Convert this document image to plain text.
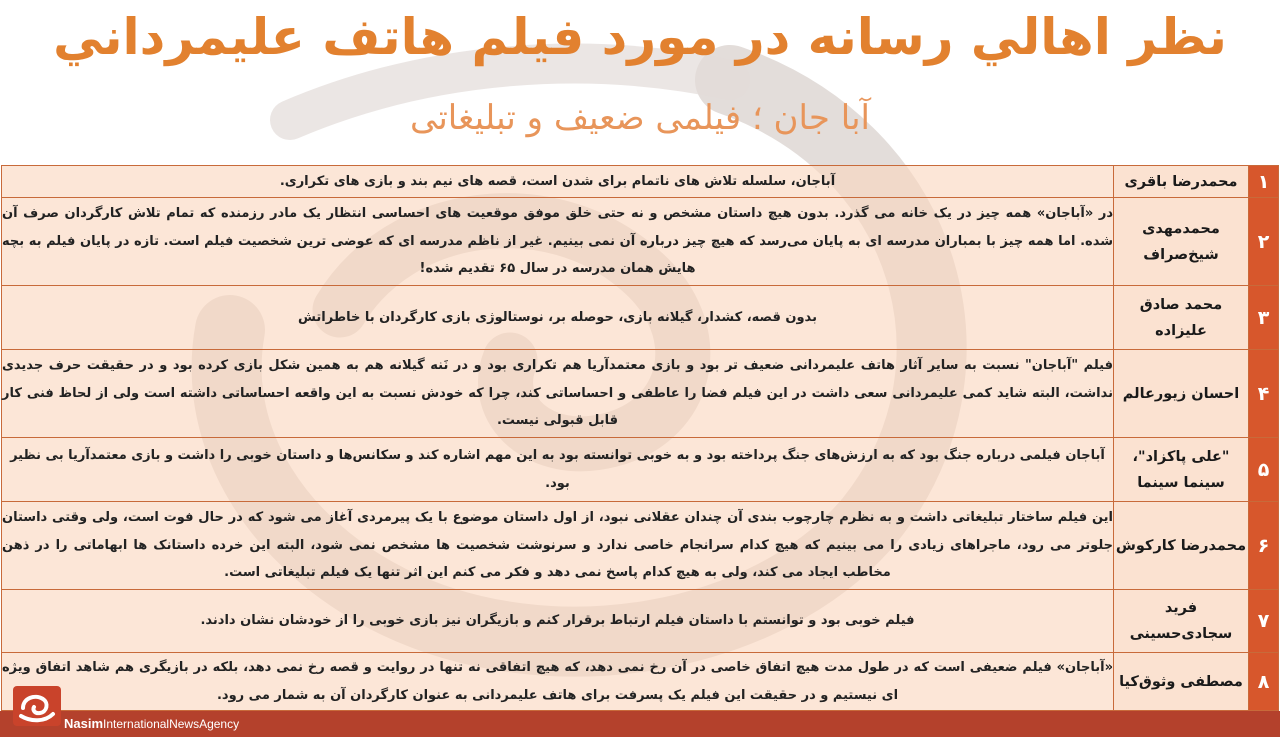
نظر اهالي رسانه در مورد فيلم هاتف عليمرداني
آبا جان ؛ فیلمی ضعیف و تبلیغاتی
۱	محمدرضا باقری	آباجان، سلسله تلاش های ناتمام برای شدن است، قصه های نیم بند و بازی های تکراری.
۲	محمدمهدی شیخ‌صراف	در «آباجان» همه چیز در یک خانه می گذرد. بدون هیچ داستان مشخص و نه حتی خلق موفق موقعیت های احساسی انتظار یک مادر رزمنده که تمام تلاش کارگردان صرف آن شده. اما همه چیز با بمباران مدرسه ای به پایان می‌رسد که هیچ چیز درباره آن نمی بینیم. غیر از ناظم مدرسه ای که عوضی ترین شخصیت فیلم است. تازه در پایان فیلم به بچه هایش همان مدرسه در سال ۶۵ تقدیم شده!
۳	محمد صادق علیزاده	بدون قصه، کشدار، گیلانه بازی، حوصله بر، نوستالوژی بازی کارگردان با خاطراتش
۴	احسان زیورعالم	فیلم "آباجان" نسبت به سایر آثار هاتف علیمردانی ضعیف تر بود و بازی معتمدآریا هم تکراری بود و در نَنه گیلانه هم به همین شکل بازی کرده بود و در حقیقت حرف جدیدی نداشت، البته شاید کمی علیمردانی سعی داشت در این فیلم فضا را عاطفی و احساساتی کند، چرا که خودش نسبت به این واقعه احساساتی داشته است ولی از لحاظ فنی کار قابل قبولی نیست.
۵	"علی پاکزاد"، سینما سینما	آباجان فیلمی درباره جنگ بود که به ارزش‌های جنگ پرداخته بود و به خوبی توانسته بود به این مهم اشاره کند و سکانس‌ها و داستان خوبی را داشت و بازی معتمدآریا بی نظیر بود.
۶	محمدرضا کارکوش	این فیلم ساختار تبلیغاتی داشت و به نظرم چارچوب بندی آن چندان عقلانی نبود، از اول داستان موضوع با یک پیرمردی آغاز می شود که در حال فوت است، ولی وقتی داستان جلوتر می رود، ماجراهای زیادی را می بینیم که هیچ کدام سرانجام خاصی ندارد و سرنوشت شخصیت ها مشخص نمی شود، البته این خرده داستانک ها ابهاماتی را در ذهن مخاطب ایجاد می کند، ولی به هیچ کدام پاسخ نمی دهد و فکر می کنم این اثر تنها یک فیلم تبلیغاتی است.
۷	فرید سجادی‌حسینی	فیلم خوبی بود و توانستم با داستان فیلم ارتباط برقرار کنم و بازیگران نیز بازی خوبی را از خودشان نشان دادند.
۸	مصطفی وثوق‌کیا	«آباجان» فیلم ضعیفی است که در طول مدت هیچ اتفاق خاصی در آن رخ نمی دهد، که هیچ اتفاقی نه تنها در روایت و قصه رخ نمی دهد، بلکه در بازیگری هم شاهد اتفاق ویژه ای نیستیم و در حقیقت این فیلم یک پسرفت برای هاتف علیمردانی به عنوان کارگردان آن به شمار می رود.
NasimInternationalNewsAgency
